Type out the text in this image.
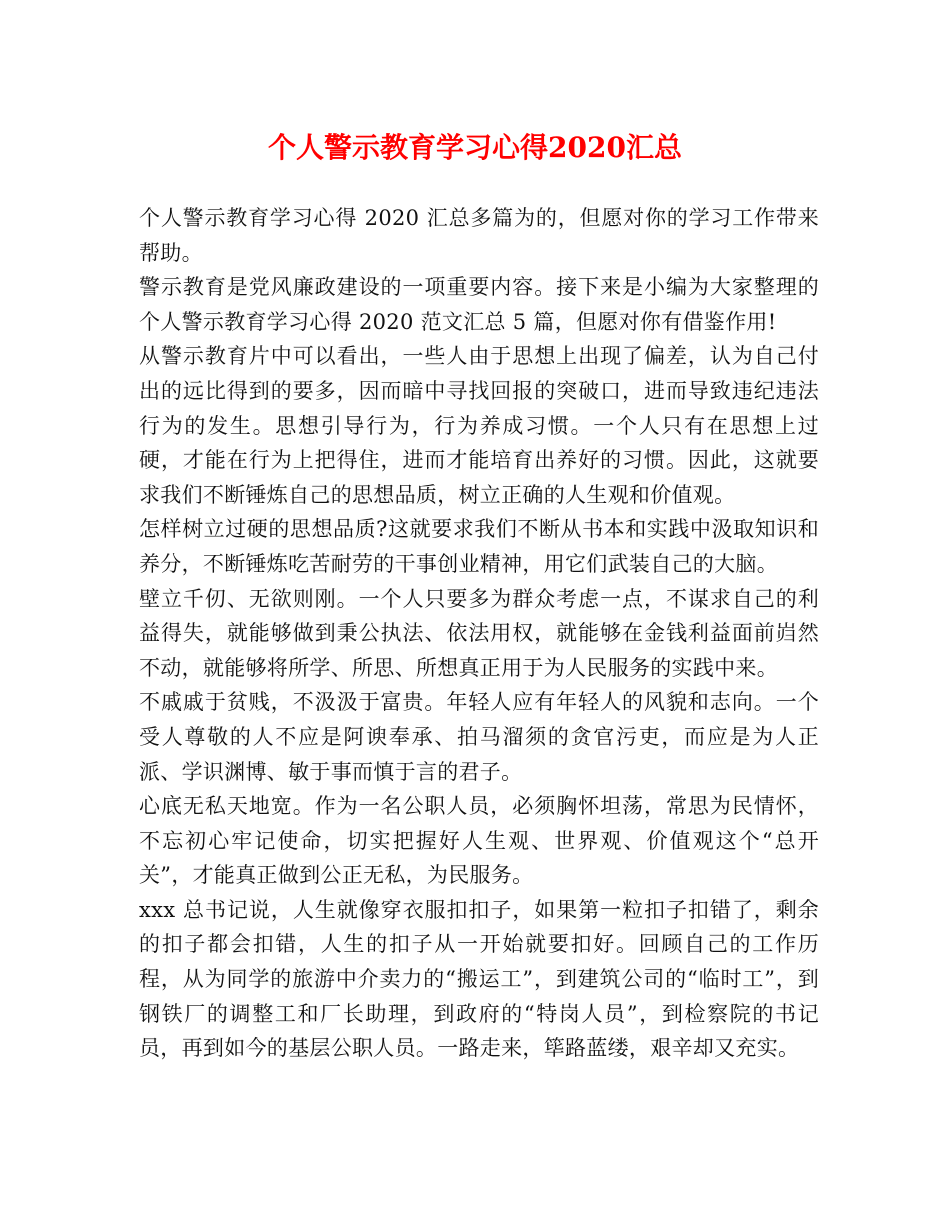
个人警示教育学习心得2020汇总

个人警示教育学习心得 2020 汇总多篇为的，但愿对你的学习工作带来帮助。

警示教育是党风廉政建设的一项重要内容。接下来是小编为大家整理的个人警示教育学习心得 2020 范文汇总 5 篇，但愿对你有借鉴作用!

从警示教育片中可以看出，一些人由于思想上出现了偏差，认为自己付出的远比得到的要多，因而暗中寻找回报的突破口，进而导致违纪违法行为的发生。思想引导行为，行为养成习惯。一个人只有在思想上过硬，才能在行为上把得住，进而才能培育出养好的习惯。因此，这就要求我们不断锤炼自己的思想品质，树立正确的人生观和价值观。

怎样树立过硬的思想品质?这就要求我们不断从书本和实践中汲取知识和养分，不断锤炼吃苦耐劳的干事创业精神，用它们武装自己的大脑。

壁立千仞、无欲则刚。一个人只要多为群众考虑一点，不谋求自己的利益得失，就能够做到秉公执法、依法用权，就能够在金钱利益面前岿然不动，就能够将所学、所思、所想真正用于为人民服务的实践中来。

不戚戚于贫贱，不汲汲于富贵。年轻人应有年轻人的风貌和志向。一个受人尊敬的人不应是阿谀奉承、拍马溜须的贪官污吏，而应是为人正派、学识渊博、敏于事而慎于言的君子。

心底无私天地宽。作为一名公职人员，必须胸怀坦荡，常思为民情怀，不忘初心牢记使命，切实把握好人生观、世界观、价值观这个“总开关”，才能真正做到公正无私，为民服务。

xxx 总书记说，人生就像穿衣服扣扣子，如果第一粒扣子扣错了，剩余的扣子都会扣错，人生的扣子从一开始就要扣好。回顾自己的工作历程，从为同学的旅游中介卖力的“搬运工”，到建筑公司的“临时工”，到钢铁厂的调整工和厂长助理，到政府的“特岗人员”，到检察院的书记员，再到如今的基层公职人员。一路走来，筚路蓝缕，艰辛却又充实。
